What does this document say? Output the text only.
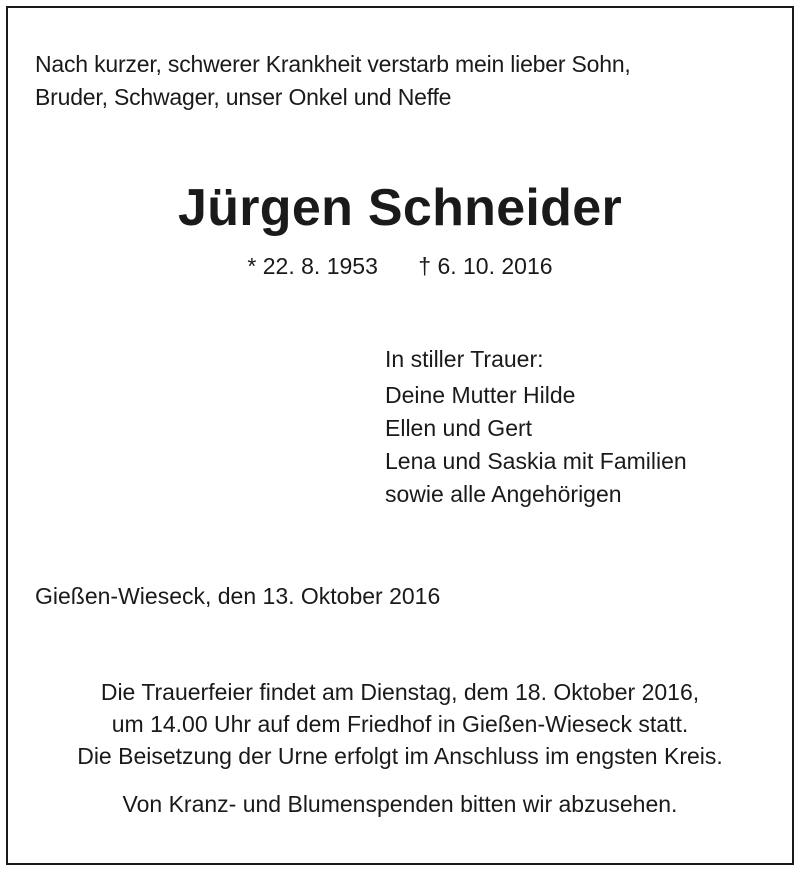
Nach kurzer, schwerer Krankheit verstarb mein lieber Sohn,
Bruder, Schwager, unser Onkel und Neffe
Jürgen Schneider
* 22. 8. 1953 † 6. 10. 2016
In stiller Trauer:
Deine Mutter Hilde
Ellen und Gert
Lena und Saskia mit Familien
sowie alle Angehörigen
Gießen-Wieseck, den 13. Oktober 2016
Die Trauerfeier findet am Dienstag, dem 18. Oktober 2016,
um 14.00 Uhr auf dem Friedhof in Gießen-Wieseck statt.
Die Beisetzung der Urne erfolgt im Anschluss im engsten Kreis.
Von Kranz- und Blumenspenden bitten wir abzusehen.
